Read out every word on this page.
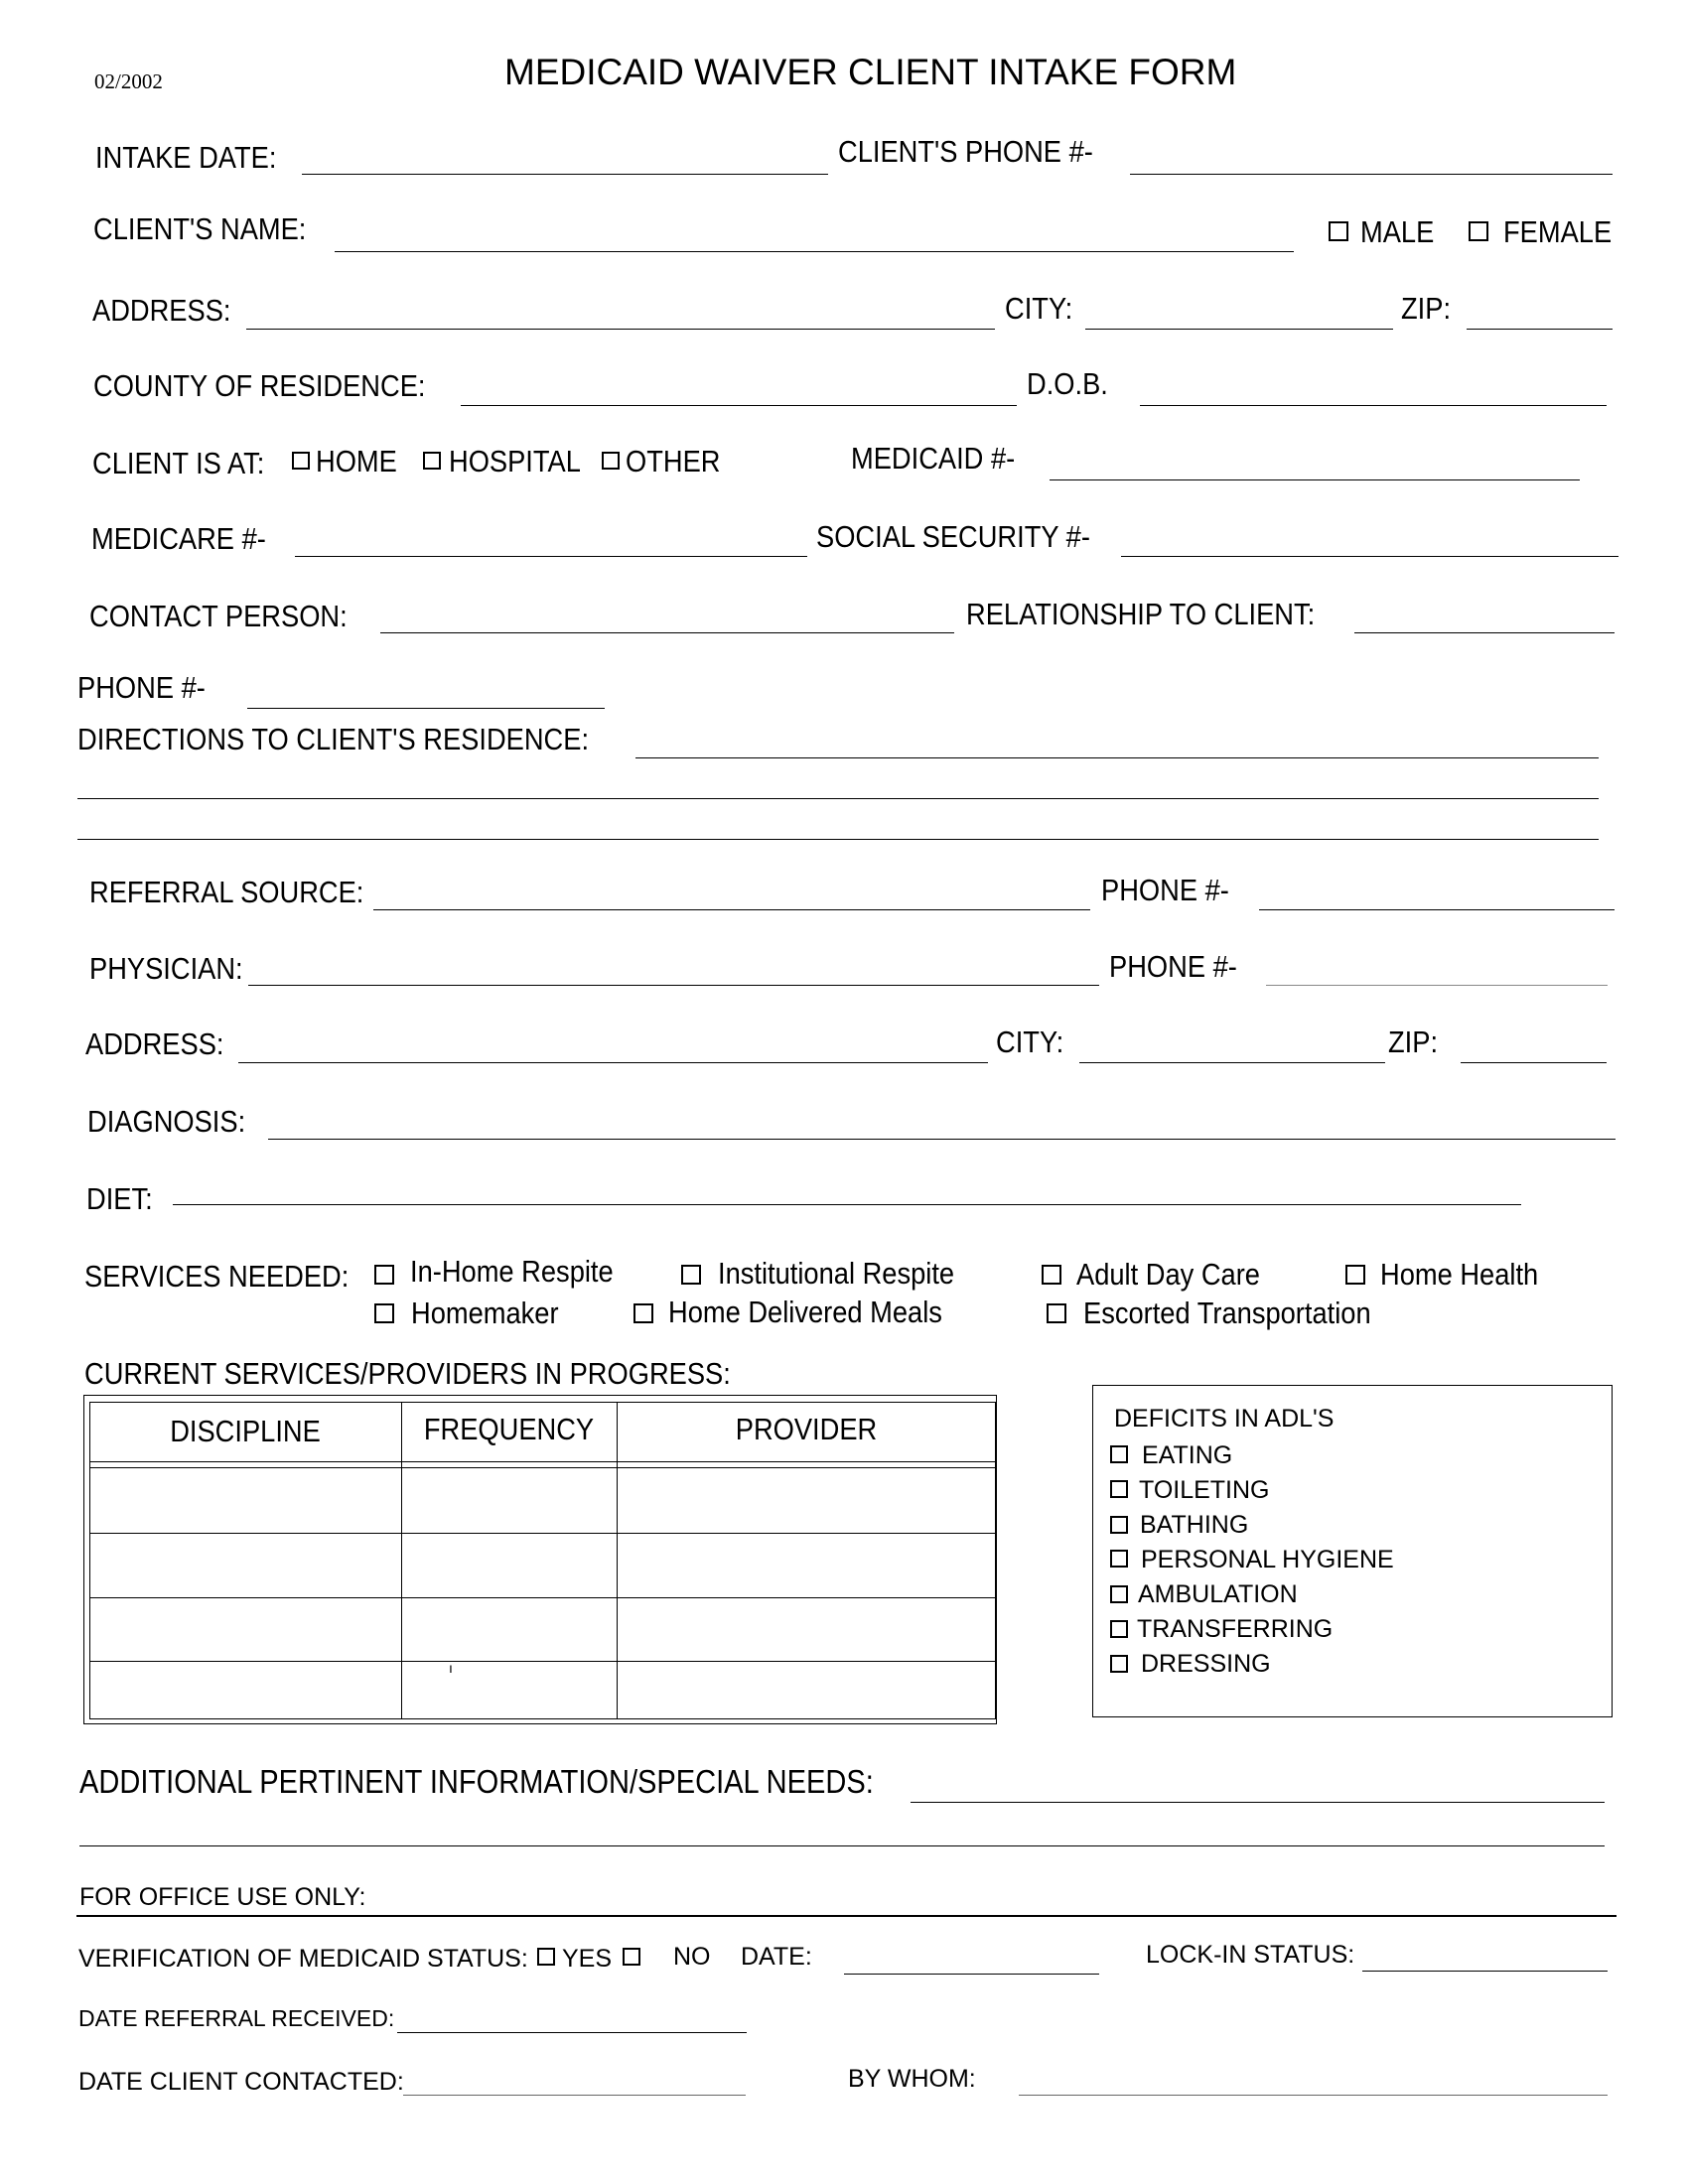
02/2002	MEDICAID WAIVER CLIENT INTAKE FORM
INTAKE DATE:	CLIENT'S PHONE #-
CLIENT'S NAME:	MALE FEMALE
ADDRESS:	CITY:	ZIP:
COUNTY OF RESIDENCE:	D.O.B.
CLIENT IS AT: HOME HOSPITAL OTHER	MEDICAID #-
MEDICARE #-	SOCIAL SECURITY #-
CONTACT PERSON:	RELATIONSHIP TO CLIENT:
PHONE #-
DIRECTIONS TO CLIENT'S RESIDENCE:
REFERRAL SOURCE:	PHONE #-
PHYSICIAN:	PHONE #-
ADDRESS:	CITY:	ZIP:
DIAGNOSIS:
DIET:
SERVICES NEEDED: In-Home Respite	Institutional Respite	Adult Day Care	Home Health
Homemaker	Home Delivered Meals	Escorted Transportation
CURRENT SERVICES/PROVIDERS IN PROGRESS:
DISCIPLINE	FREQUENCY	PROVIDER
ı
DEFICITS IN ADL'S
EATING
TOILETING
BATHING
PERSONAL HYGIENE
AMBULATION
TRANSFERRING
DRESSING
ADDITIONAL PERTINENT INFORMATION/SPECIAL NEEDS:
FOR OFFICE USE ONLY:
VERIFICATION OF MEDICAID STATUS: YES NO DATE:	LOCK-IN STATUS:
DATE REFERRAL RECEIVED:
DATE CLIENT CONTACTED:	BY WHOM:
